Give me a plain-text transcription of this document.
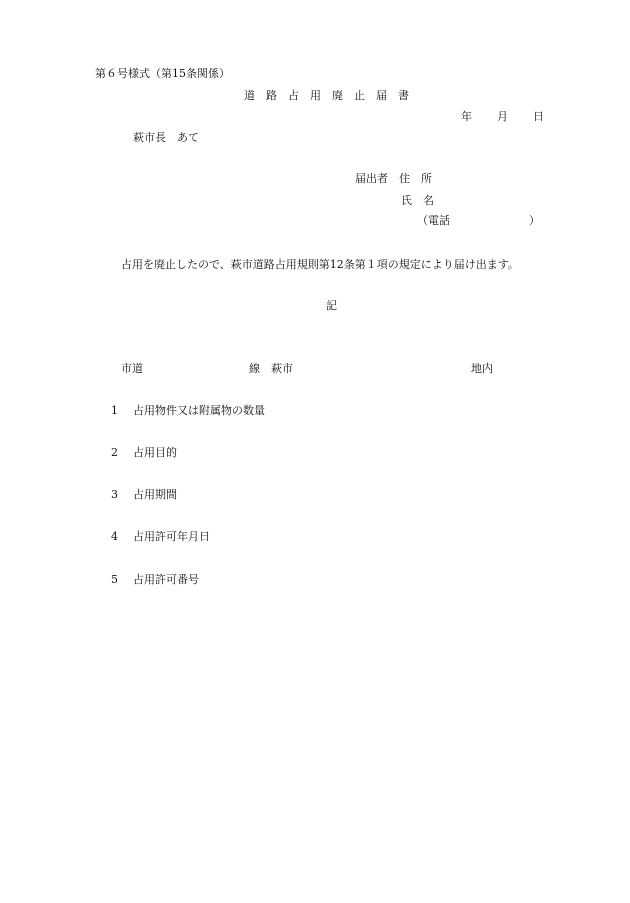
第６号様式（第15条関係）
道　路　占　用　廃　止　届　書
年 月 日
萩市長　あて
届出者　住　所
氏　名
（電話	）
占用を廃止したので、萩市道路占用規則第12条第１項の規定により届け出ます。
記
市道	線　萩市	地内
1 占用物件又は附属物の数量
2 占用目的
3 占用期間
4 占用許可年月日
5 占用許可番号
